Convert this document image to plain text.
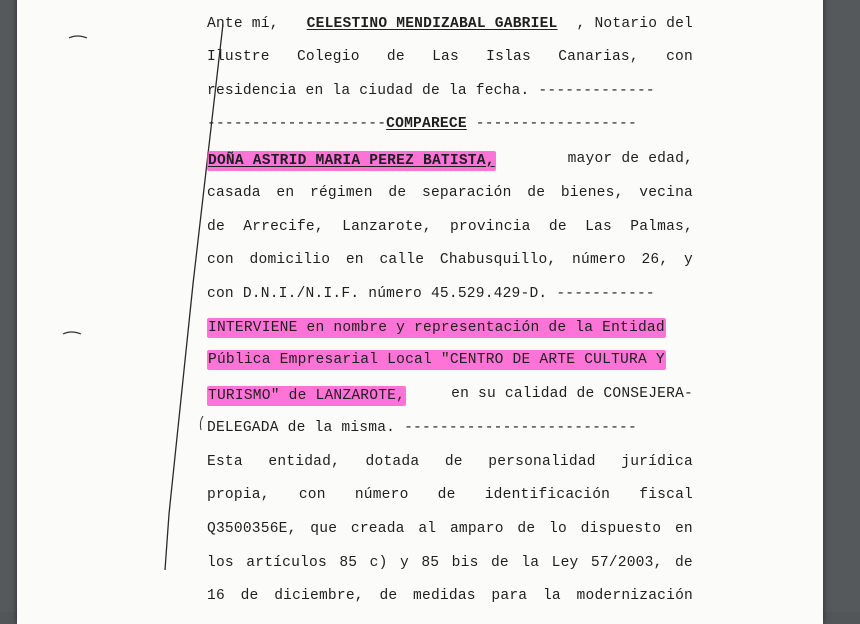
Ante mí, CELESTINO MENDIZABAL GABRIEL , Notario del
Ilustre Colegio de Las Islas Canarias, con
residencia en la ciudad de la fecha. -------------
--------------------COMPARECE ------------------
DOÑA ASTRID MARIA PEREZ BATISTA,	mayor de edad,
casada en régimen de separación de bienes, vecina
de Arrecife, Lanzarote, provincia de Las Palmas,
con domicilio en calle Chabusquillo, número 26, y
con D.N.I./N.I.F. número 45.529.429-D. -----------
INTERVIENE en nombre y representación de la Entidad
Pública Empresarial Local "CENTRO DE ARTE CULTURA Y
TURISMO" de LANZAROTE,	en su calidad de CONSEJERA-
DELEGADA de la misma. --------------------------
Esta entidad, dotada de personalidad jurídica
propia, con número de identificación fiscal
Q3500356E, que creada al amparo de lo dispuesto en
los artículos 85 c) y 85 bis de la Ley 57/2003, de
16 de diciembre, de medidas para la modernización
